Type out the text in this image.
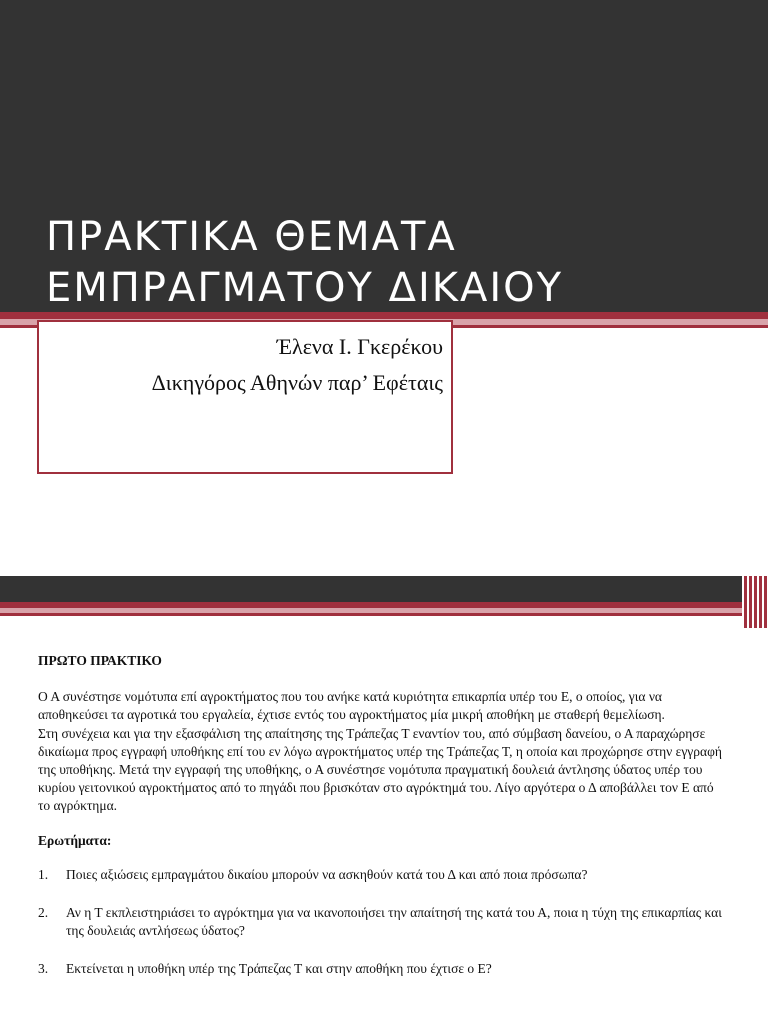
ΠΡΑΚΤΙΚΑ ΘΕΜΑΤΑ
ΕΜΠΡΑΓΜΑΤΟΥ ΔΙΚΑΙΟΥ
Έλενα Ι. Γκερέκου
Δικηγόρος Αθηνών παρ’ Εφέταις

ΠΡΩΤΟ ΠΡΑΚΤΙΚΟ

Ο Α συνέστησε νομότυπα επί αγροκτήματος που του ανήκε κατά κυριότητα επικαρπία υπέρ του Ε, ο οποίος, για να αποθηκεύσει τα αγροτικά του εργαλεία, έχτισε εντός του αγροκτήματος μία μικρή αποθήκη με σταθερή θεμελίωση.

Στη συνέχεια και για την εξασφάλιση της απαίτησης της Τράπεζας Τ εναντίον του, από σύμβαση δανείου, ο Α παραχώρησε δικαίωμα προς εγγραφή υποθήκης επί του εν λόγω αγροκτήματος υπέρ της Τράπεζας Τ, η οποία και προχώρησε στην εγγραφή της υποθήκης. Μετά την εγγραφή της υποθήκης, ο Α συνέστησε νομότυπα πραγματική δουλειά άντλησης ύδατος υπέρ του κυρίου γειτονικού αγροκτήματος από το πηγάδι που βρισκόταν στο αγρόκτημά του. Λίγο αργότερα ο Δ αποβάλλει τον Ε από το αγρόκτημα.

Ερωτήματα:

1. Ποιες αξιώσεις εμπραγμάτου δικαίου μπορούν να ασκηθούν κατά του Δ και από ποια πρόσωπα?
2. Αν η Τ εκπλειστηριάσει το αγρόκτημα για να ικανοποιήσει την απαίτησή της κατά του Α, ποια η τύχη της επικαρπίας και της δουλειάς αντλήσεως ύδατος?
3. Εκτείνεται η υποθήκη υπέρ της Τράπεζας Τ και στην αποθήκη που έχτισε ο Ε?
